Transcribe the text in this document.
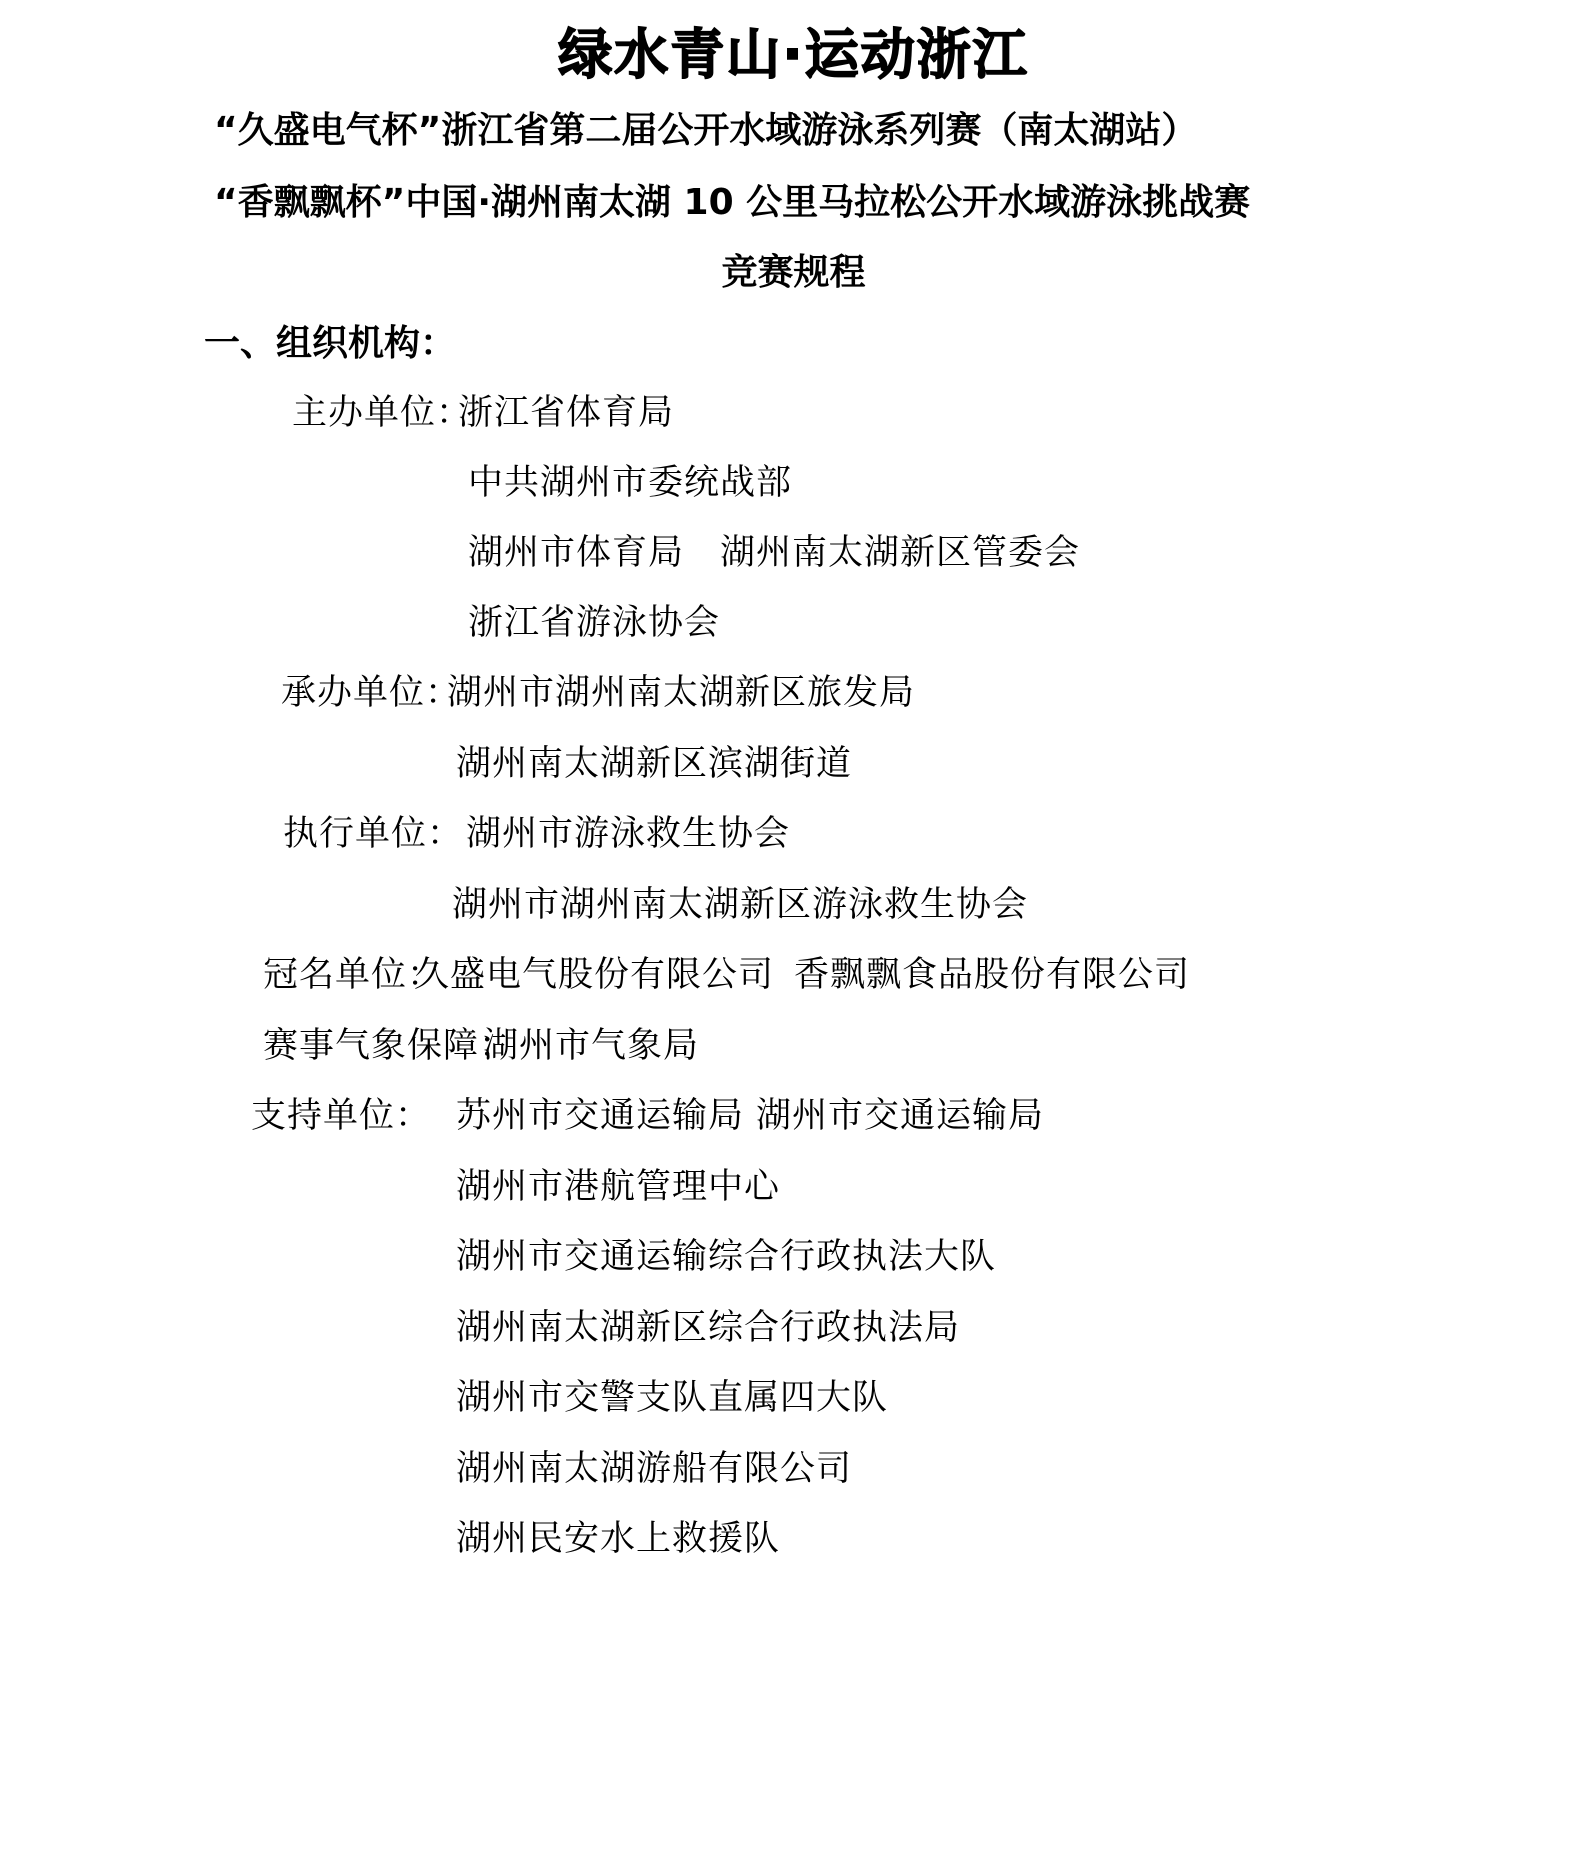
绿水青山·运动浙江
“久盛电气杯”浙江省第二届公开水域游泳系列赛（南太湖站）
“香飘飘杯”中国·湖州南太湖 10 公里马拉松公开水域游泳挑战赛
竞赛规程
一、组织机构：
主办单位：
浙江省体育局
中共湖州市委统战部
湖州市体育局 湖州南太湖新区管委会
浙江省游泳协会
承办单位：
湖州市湖州南太湖新区旅发局
湖州南太湖新区滨湖街道
执行单位： 湖州市游泳救生协会
湖州市湖州南太湖新区游泳救生协会
冠名单位：
久盛电气股份有限公司 香飘飘食品股份有限公司
赛事气象保障：
湖州市气象局
支持单位： 苏州市交通运输局 湖州市交通运输局
湖州市港航管理中心
湖州市交通运输综合行政执法大队
湖州南太湖新区综合行政执法局
湖州市交警支队直属四大队
湖州南太湖游船有限公司
湖州民安水上救援队
